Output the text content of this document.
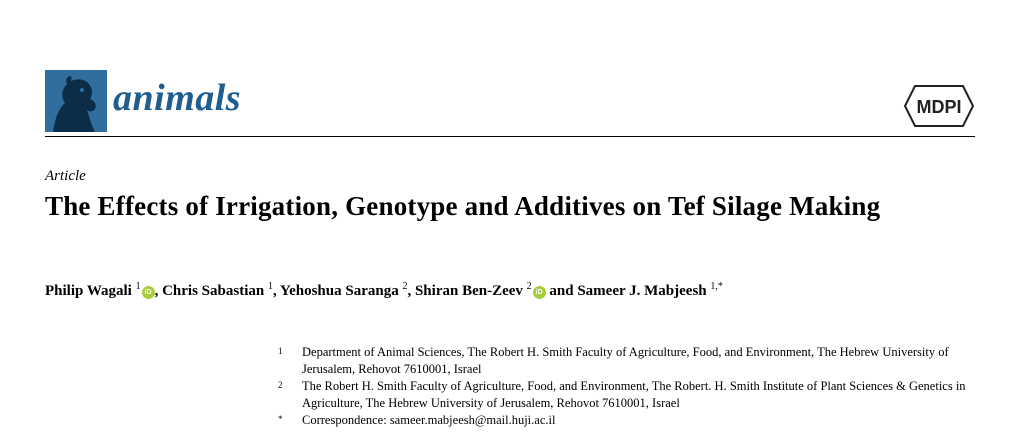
animals	MDPI
Article
The Effects of Irrigation, Genotype and Additives on Tef Silage Making
Philip Wagali $^1$iD , Chris Sabastian $^1$, Yehoshua Saranga $^2$, Shiran Ben-Zeev $^2$iD and Sameer J. Mabjeesh $^{1,*}$
1 Department of Animal Sciences, The Robert H. Smith Faculty of Agriculture, Food, and Environment, The Hebrew University of Jerusalem, Rehovot 7610001, Israel
2 The Robert H. Smith Faculty of Agriculture, Food, and Environment, The Robert. H. Smith Institute of Plant Sciences & Genetics in Agriculture, The Hebrew University of Jerusalem, Rehovot 7610001, Israel
* Correspondence: sameer.mabjeesh@mail.huji.ac.il
